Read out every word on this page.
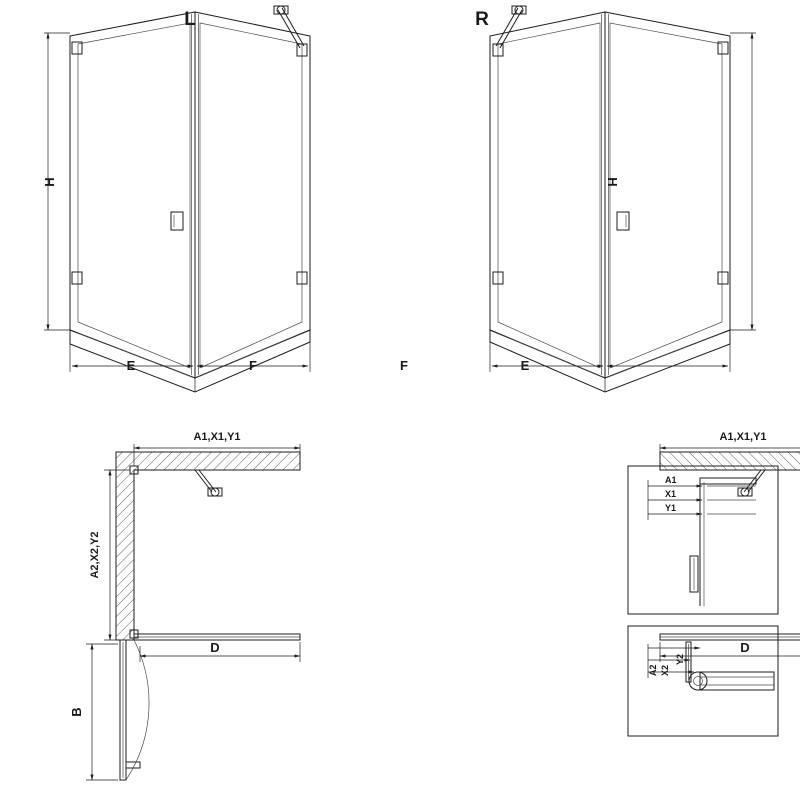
H
E	F
L
H
F	E
R
A1,X1,Y1
A2,X2,Y2
D
B
A1,X1,Y1
D
A1
X1
Y1
A2 X2
Y2
